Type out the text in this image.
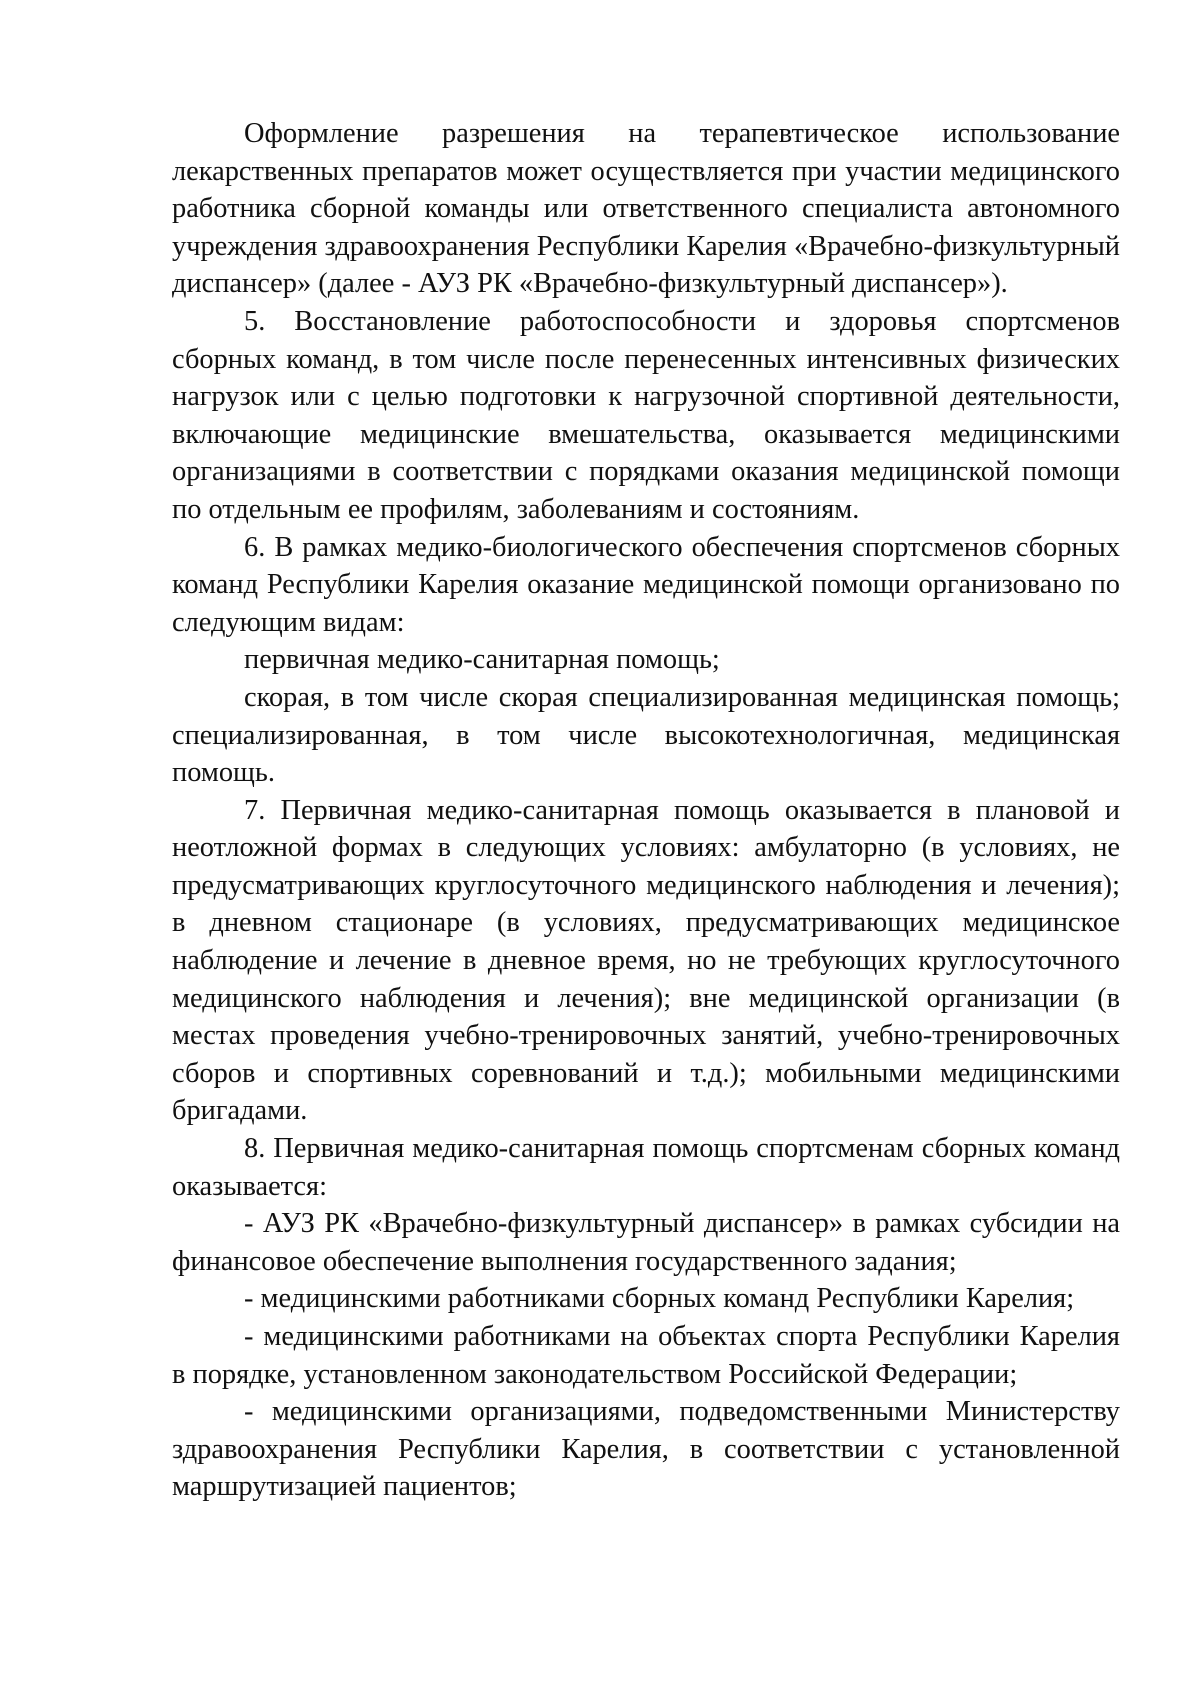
Оформление разрешения на терапевтическое использование лекарственных препаратов может осуществляется при участии медицинского работника сборной команды или ответственного специалиста автономного учреждения здравоохранения Республики Карелия «Врачебно-физкультурный диспансер» (далее - АУЗ РК «Врачебно-физкультурный диспансер»).

5. Восстановление работоспособности и здоровья спортсменов сборных команд, в том числе после перенесенных интенсивных физических нагрузок или с целью подготовки к нагрузочной спортивной деятельности, включающие медицинские вмешательства, оказывается медицинскими организациями в соответствии с порядками оказания медицинской помощи по отдельным ее профилям, заболеваниям и состояниям.

6. В рамках медико-биологического обеспечения спортсменов сборных команд Республики Карелия оказание медицинской помощи организовано по следующим видам:

первичная медико-санитарная помощь;

скорая, в том числе скорая специализированная медицинская помощь; специализированная, в том числе высокотехнологичная, медицинская помощь.

7. Первичная медико-санитарная помощь оказывается в плановой и неотложной формах в следующих условиях: амбулаторно (в условиях, не предусматривающих круглосуточного медицинского наблюдения и лечения); в дневном стационаре (в условиях, предусматривающих медицинское наблюдение и лечение в дневное время, но не требующих круглосуточного медицинского наблюдения и лечения); вне медицинской организации (в местах проведения учебно-тренировочных занятий, учебно-тренировочных сборов и спортивных соревнований и т.д.); мобильными медицинскими бригадами.

8. Первичная медико-санитарная помощь спортсменам сборных команд оказывается:

- АУЗ РК «Врачебно-физкультурный диспансер» в рамках субсидии на финансовое обеспечение выполнения государственного задания;

- медицинскими работниками сборных команд Республики Карелия;

- медицинскими работниками на объектах спорта Республики Карелия в порядке, установленном законодательством Российской Федерации;

- медицинскими организациями, подведомственными Министерству здравоохранения Республики Карелия, в соответствии с установленной маршрутизацией пациентов;
